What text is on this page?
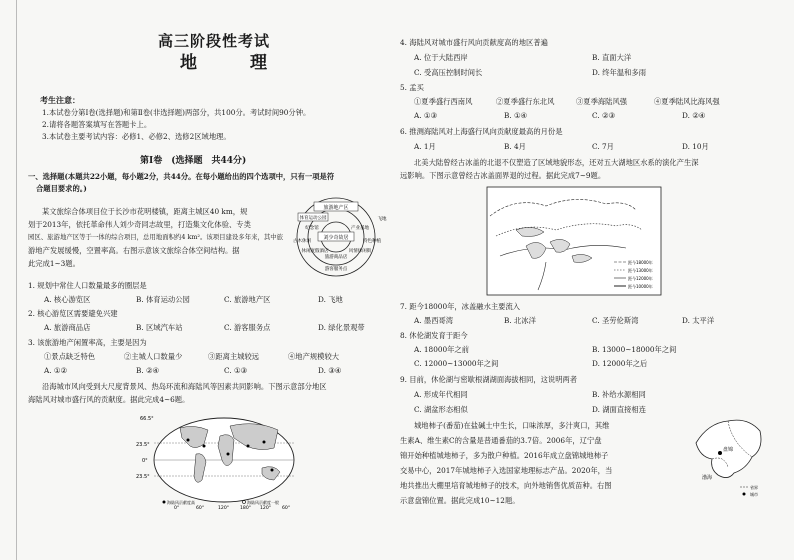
高三阶段性考试
地　理
考生注意：
1.本试卷分第Ⅰ卷(选择题)和第Ⅱ卷(非选择题)两部分，共100分。考试时间90分钟。
2.请将各题答案填写在答题卡上。
3.本试卷主要考试内容：必修1、必修2、选修2区域地理。
第Ⅰ卷　(选择题　共44分)
一、选择题(本题共22小题，每小题2分，共44分。在每小题给出的四个选项中，只有一项是符
合题目要求的。)
某文旅综合体项目位于长沙市花明楼镇，距离主城区40 km，规
划于2013年，依托革命伟人刘少奇同志故里，打造集文化体验、专类
园区、旅游地产区等于一体的综合项目，总用地面积约4 km²。该项目建设多年来，其中旅
游地产发展缓慢，空置率高。右图示意该文旅综合体空间结构。据
此完成1~3题。
旅游地产区
体育运动公园
刘少奇故居
纪念馆	产业基地
休闲度假酒店
旅游商品店
风情休闲街
古木休闲	特色种植
游客服务点
飞地
1. 规划中常住人口数量最多的圈层是
A. 核心游览区	B. 体育运动公园	C. 旅游地产区	D. 飞地
2. 核心游览区需要避免兴建
A. 旅游商品店	B. 区域汽车站	C. 游客服务点	D. 绿化景观带
3. 该旅游地产闲置率高，主要是因为
①景点缺乏特色	②主城人口数量少	③距离主城较远	④地产规模较大
A. ①②	B. ②④	C. ①③	D. ③④
沿海城市风向受到大尺度背景风、热岛环流和海陆风等因素共同影响。下图示意部分地区
海陆风对城市盛行风的贡献度。据此完成4~6题。
66.5°
23.5°
0°
23.5°
0°	60°	120° 180° 120° 60°
海陆风贡献度高	海陆风贡献度一般
4. 海陆风对城市盛行风向贡献度高的地区普遍
A. 位于大陆西岸	B. 直面大洋
C. 受高压控制时间长	D. 终年温和多雨
5. 孟买
①夏季盛行西南风	②夏季盛行东北风	③夏季海陆风强	④夏季陆风比海风强
A. ①③	B. ①④	C. ②③	D. ②④
6. 推测海陆风对上海盛行风向贡献度最高的月份是
A. 1月	B. 4月	C. 7月	D. 10月
北美大陆曾经古冰盖的北退不仅塑造了区域地貌形态，还对五大湖地区水系的演化产生深
远影响。下图示意曾经古冰盖面界退的过程。据此完成7~9题。
距今18000年
距今13000年
距今12000年
距今10000年
7. 距今18000年，冰盖融水主要流入
A. 墨西哥湾	B. 北冰洋	C. 圣劳伦斯湾	D. 太平洋
8. 休伦湖发育于距今
A. 18000年之前	B. 13000~18000年之间
C. 12000~13000年之间	D. 12000年之后
9. 目前，休伦湖与密歇根湖湖面海拔相同，这说明两者
A. 形成年代相同	B. 补给水源相同
C. 湖盆形态相似	D. 湖面直接相连
城地柿子(番茄)在盐碱土中生长，口味浓厚，多汁爽口，其维
生素A、维生素C的含量是普通番茄的3.7倍。2006年，辽宁盘
锦开始种植城地柿子，多为散户种植。2016年成立盘锦城地柿子
交易中心，2017年城地柿子入选国家地理标志产品。2020年，当
地共推出大棚里培育城地柿子的技术，向外地销售优质苗种。右图
示意盘锦位置。据此完成10~12题。
盘锦
渤海
省界
城市
